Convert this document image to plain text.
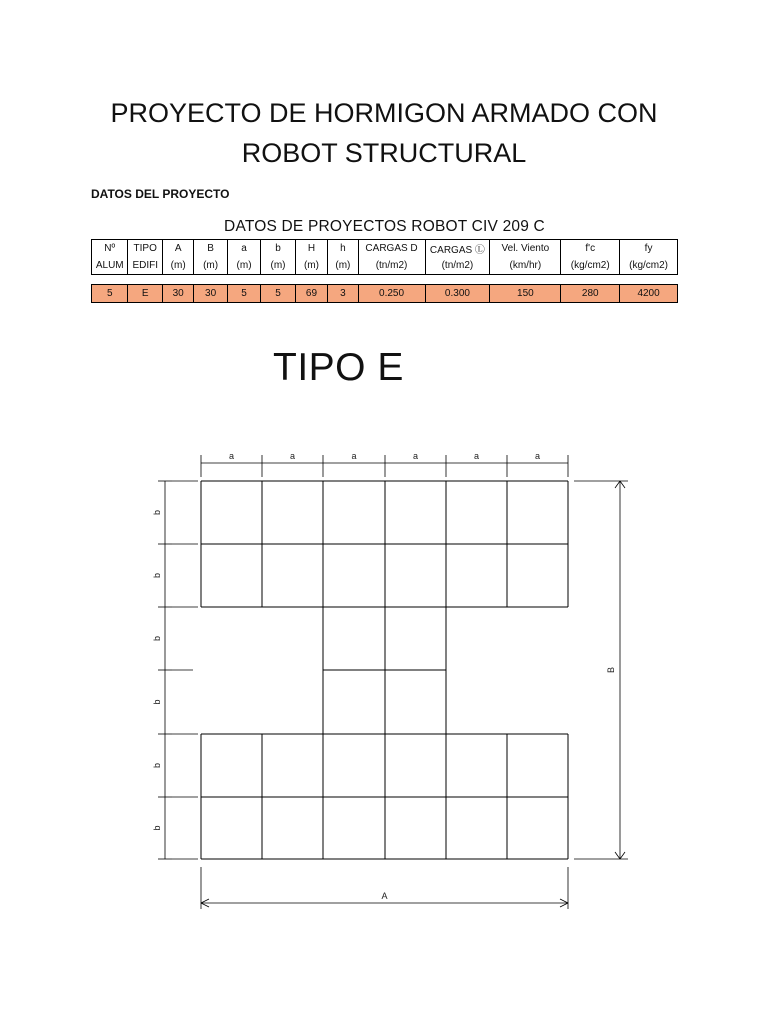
PROYECTO DE HORMIGON ARMADO CON
ROBOT STRUCTURAL
DATOS DEL PROYECTO
DATOS DE PROYECTOS ROBOT CIV 209 C
Nº	TIPO	A	B	a	b	H	h	CARGAS D	CARGAS Ⓛ	Vel. Viento	f'c	fy
ALUM	EDIFI	(m)	(m)	(m)	(m)	(m)	(m)	(tn/m2)	(tn/m2)	(km/hr)	(kg/cm2)	(kg/cm2)

5	E	30	30	5	5	69	3	0.250	0.300	150	280	4200
TIPO E
a	a	a	a	a	a
b
b
b
b
b
b
B
A
